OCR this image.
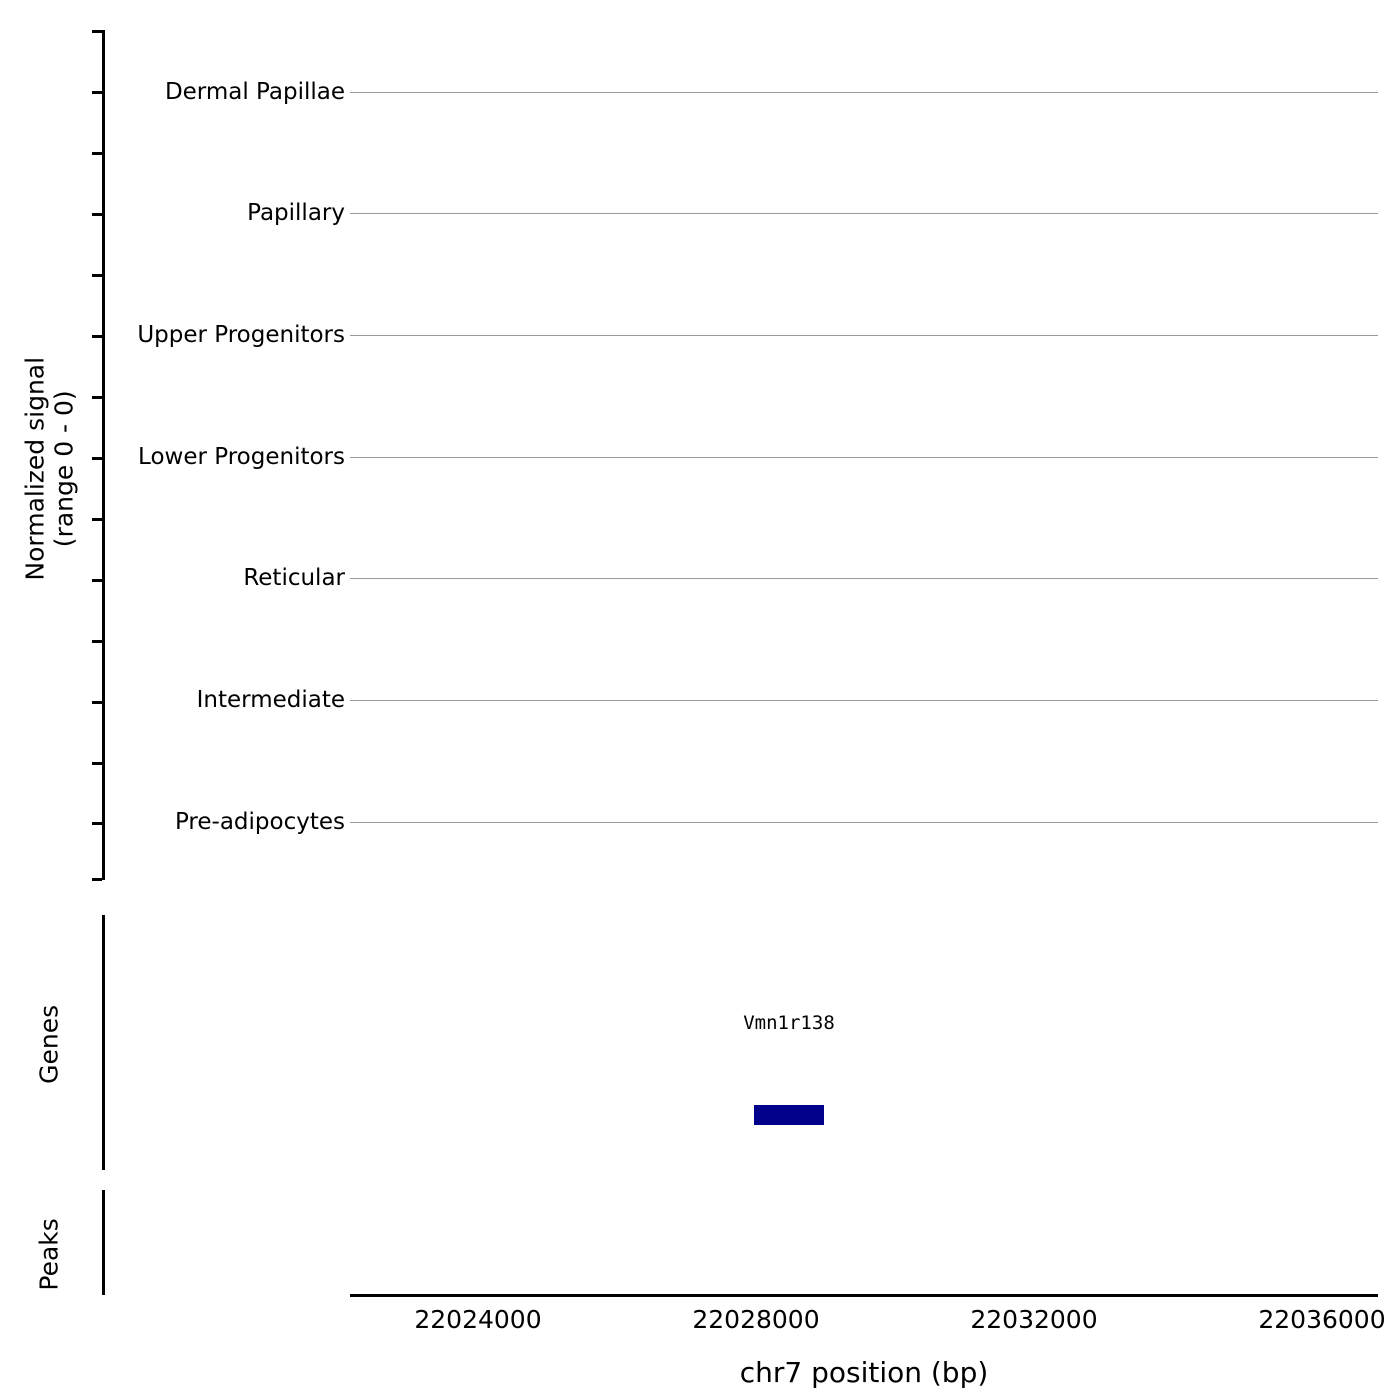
Normalized signal
(range 0 - 0)
Dermal Papillae
Papillary
Upper Progenitors
Lower Progenitors
Reticular
Intermediate
Pre-adipocytes
Genes	Vmn1r138
Peaks
22024000	22028000	22032000	22036000
chr7 position (bp)
